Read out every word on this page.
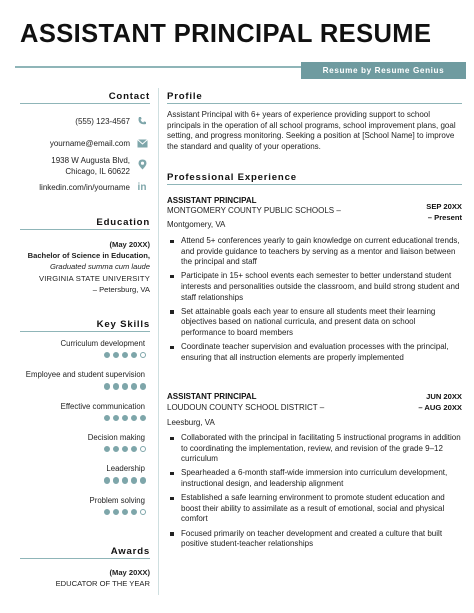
ASSISTANT PRINCIPAL RESUME
Resume by Resume Genius
Contact
(555) 123-4567
yourname@email.com
1938 W Augusta Blvd,
Chicago, IL 60622
linkedin.com/in/yourname in
Education
(May 20XX)
Bachelor of Science in Education,
Graduated summa cum laude
VIRGINIA STATE UNIVERSITY
– Petersburg, VA
Key Skills
Curriculum development
Employee and student supervision
Effective communication
Decision making
Leadership
Problem solving
Awards
(May 20XX)
EDUCATOR OF THE YEAR
Profile
Assistant Principal with 6+ years of experience providing support to school principals in the operation of all school programs, school improvement plans, goal setting, and progress monitoring. Seeking a position at [School Name] to improve the standard and quality of your operations.
Professional Experience
ASSISTANT PRINCIPAL
MONTGOMERY COUNTY PUBLIC SCHOOLS –
Montgomery, VA
SEP 20XX
– Present
Attend 5+ conferences yearly to gain knowledge on current educational trends, and provide guidance to teachers by serving as a mentor and liaison between the principal and staff
Participate in 15+ school events each semester to better understand student interests and personalities outside the classroom, and build strong student and staff relationships
Set attainable goals each year to ensure all students meet their learning objectives based on national curricula, and present data on school performance to board members
Coordinate teacher supervision and evaluation processes with the principal, ensuring that all instruction elements are properly implemented
ASSISTANT PRINCIPAL
LOUDOUN COUNTY SCHOOL DISTRICT –
Leesburg, VA
JUN 20XX
– AUG 20XX
Collaborated with the principal in facilitating 5 instructional programs in addition to coordinating the implementation, review, and revision of the grade 9–12 curriculum
Spearheaded a 6-month staff-wide immersion into curriculum development, instructional design, and leadership alignment
Established a safe learning environment to promote student education and boost their ability to assimilate as a result of emotional, social and physical comfort
Focused primarily on teacher development and created a culture that built positive student-teacher relationships
